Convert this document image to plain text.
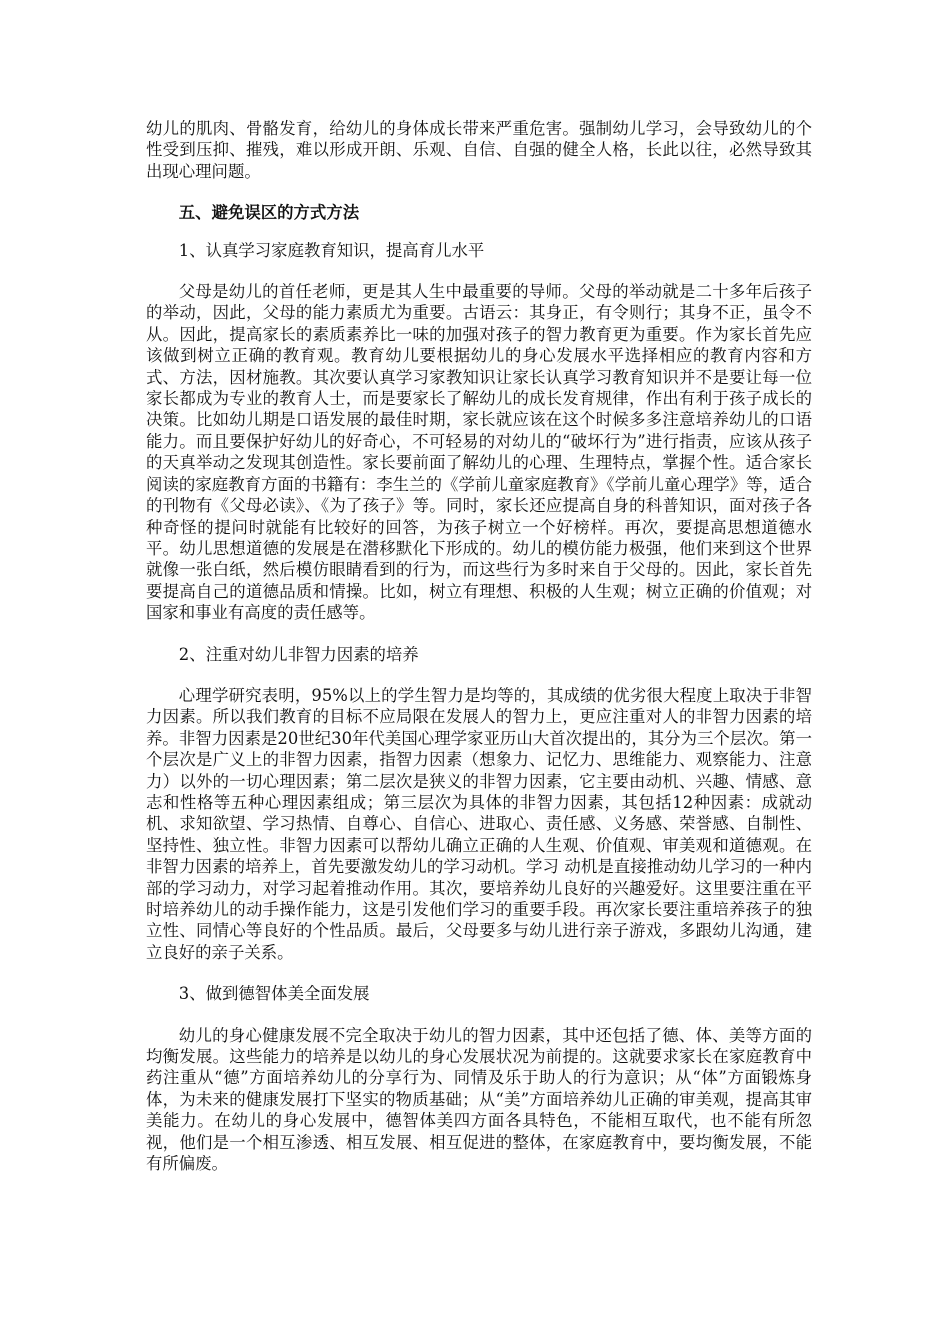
幼儿的肌肉、骨骼发育，给幼儿的身体成长带来严重危害。强制幼儿学习，会导致幼儿的个性受到压抑、摧残，难以形成开朗、乐观、自信、自强的健全人格，长此以往，必然导致其出现心理问题。

五、避免误区的方式方法

1、认真学习家庭教育知识，提高育儿水平

父母是幼儿的首任老师，更是其人生中最重要的导师。父母的举动就是二十多年后孩子的举动，因此，父母的能力素质尤为重要。古语云：其身正，有令则行；其身不正，虽令不从。因此，提高家长的素质素养比一味的加强对孩子的智力教育更为重要。作为家长首先应该做到树立正确的教育观。教育幼儿要根据幼儿的身心发展水平选择相应的教育内容和方式、方法，因材施教。其次要认真学习家教知识让家长认真学习教育知识并不是要让每一位家长都成为专业的教育人士，而是要家长了解幼儿的成长发育规律，作出有利于孩子成长的决策。比如幼儿期是口语发展的最佳时期，家长就应该在这个时候多多注意培养幼儿的口语能力。而且要保护好幼儿的好奇心，不可轻易的对幼儿的“破坏行为”进行指责，应该从孩子的天真举动之发现其创造性。家长要前面了解幼儿的心理、生理特点，掌握个性。适合家长阅读的家庭教育方面的书籍有：李生兰的《学前儿童家庭教育》《学前儿童心理学》等，适合的刊物有《父母必读》、《为了孩子》等。同时，家长还应提高自身的科普知识，面对孩子各种奇怪的提问时就能有比较好的回答，为孩子树立一个好榜样。再次，要提高思想道德水平。幼儿思想道德的发展是在潜移默化下形成的。幼儿的模仿能力极强，他们来到这个世界就像一张白纸，然后模仿眼睛看到的行为，而这些行为多时来自于父母的。因此，家长首先要提高自己的道德品质和情操。比如，树立有理想、积极的人生观；树立正确的价值观；对国家和事业有高度的责任感等。

2、注重对幼儿非智力因素的培养

心理学研究表明，95%以上的学生智力是均等的，其成绩的优劣很大程度上取决于非智力因素。所以我们教育的目标不应局限在发展人的智力上，更应注重对人的非智力因素的培养。非智力因素是20世纪30年代美国心理学家亚历山大首次提出的，其分为三个层次。第一个层次是广义上的非智力因素，指智力因素（想象力、记忆力、思维能力、观察能力、注意力）以外的一切心理因素；第二层次是狭义的非智力因素，它主要由动机、兴趣、情感、意志和性格等五种心理因素组成；第三层次为具体的非智力因素，其包括12种因素：成就动机、求知欲望、学习热情、自尊心、自信心、进取心、责任感、义务感、荣誉感、自制性、坚持性、独立性。非智力因素可以帮幼儿确立正确的人生观、价值观、审美观和道德观。在非智力因素的培养上，首先要激发幼儿的学习动机。学习 动机是直接推动幼儿学习的一种内部的学习动力，对学习起着推动作用。其次，要培养幼儿良好的兴趣爱好。这里要注重在平时培养幼儿的动手操作能力，这是引发他们学习的重要手段。再次家长要注重培养孩子的独立性、同情心等良好的个性品质。最后，父母要多与幼儿进行亲子游戏，多跟幼儿沟通，建立良好的亲子关系。

3、做到德智体美全面发展

幼儿的身心健康发展不完全取决于幼儿的智力因素，其中还包括了德、体、美等方面的均衡发展。这些能力的培养是以幼儿的身心发展状况为前提的。这就要求家长在家庭教育中药注重从“德”方面培养幼儿的分享行为、同情及乐于助人的行为意识；从“体”方面锻炼身体，为未来的健康发展打下坚实的物质基础；从“美”方面培养幼儿正确的审美观，提高其审美能力。在幼儿的身心发展中，德智体美四方面各具特色，不能相互取代，也不能有所忽视，他们是一个相互渗透、相互发展、相互促进的整体，在家庭教育中，要均衡发展，不能有所偏废。
